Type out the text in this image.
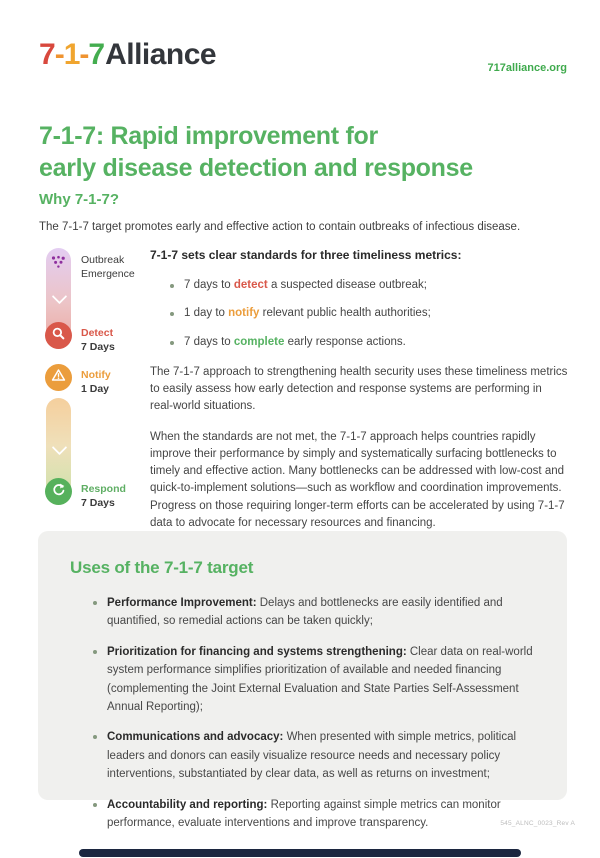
7-1-7Alliance	717alliance.org
7-1-7: Rapid improvement for
early disease detection and response
Why 7-1-7?
The 7-1-7 target promotes early and effective action to contain outbreaks of infectious disease.
Outbreak
Emergence
Detect
7 Days
Notify
1 Day
Respond
7 Days
7-1-7 sets clear standards for three timeliness metrics:
7 days to detect a suspected disease outbreak;
1 day to notify relevant public health authorities;
7 days to complete early response actions.

The 7-1-7 approach to strengthening health security uses these timeliness metrics to easily assess how early detection and response systems are performing in real-world situations.

When the standards are not met, the 7-1-7 approach helps countries rapidly improve their performance by simply and systematically surfacing bottlenecks to timely and effective action. Many bottlenecks can be addressed with low-cost and quick-to-implement solutions—such as workflow and coordination improvements. Progress on those requiring longer-term efforts can be accelerated by using 7-1-7 data to advocate for necessary resources and financing.

Uses of the 7-1-7 target
Performance Improvement: Delays and bottlenecks are easily identified and quantified, so remedial actions can be taken quickly;
Prioritization for financing and systems strengthening: Clear data on real-world system performance simplifies prioritization of available and needed financing (complementing the Joint External Evaluation and State Parties Self-Assessment Annual Reporting);
Communications and advocacy: When presented with simple metrics, political leaders and donors can easily visualize resource needs and necessary policy interventions, substantiated by clear data, as well as returns on investment;
Accountability and reporting: Reporting against simple metrics can monitor performance, evaluate interventions and improve transparency.	545_ALNC_0023_Rev A
